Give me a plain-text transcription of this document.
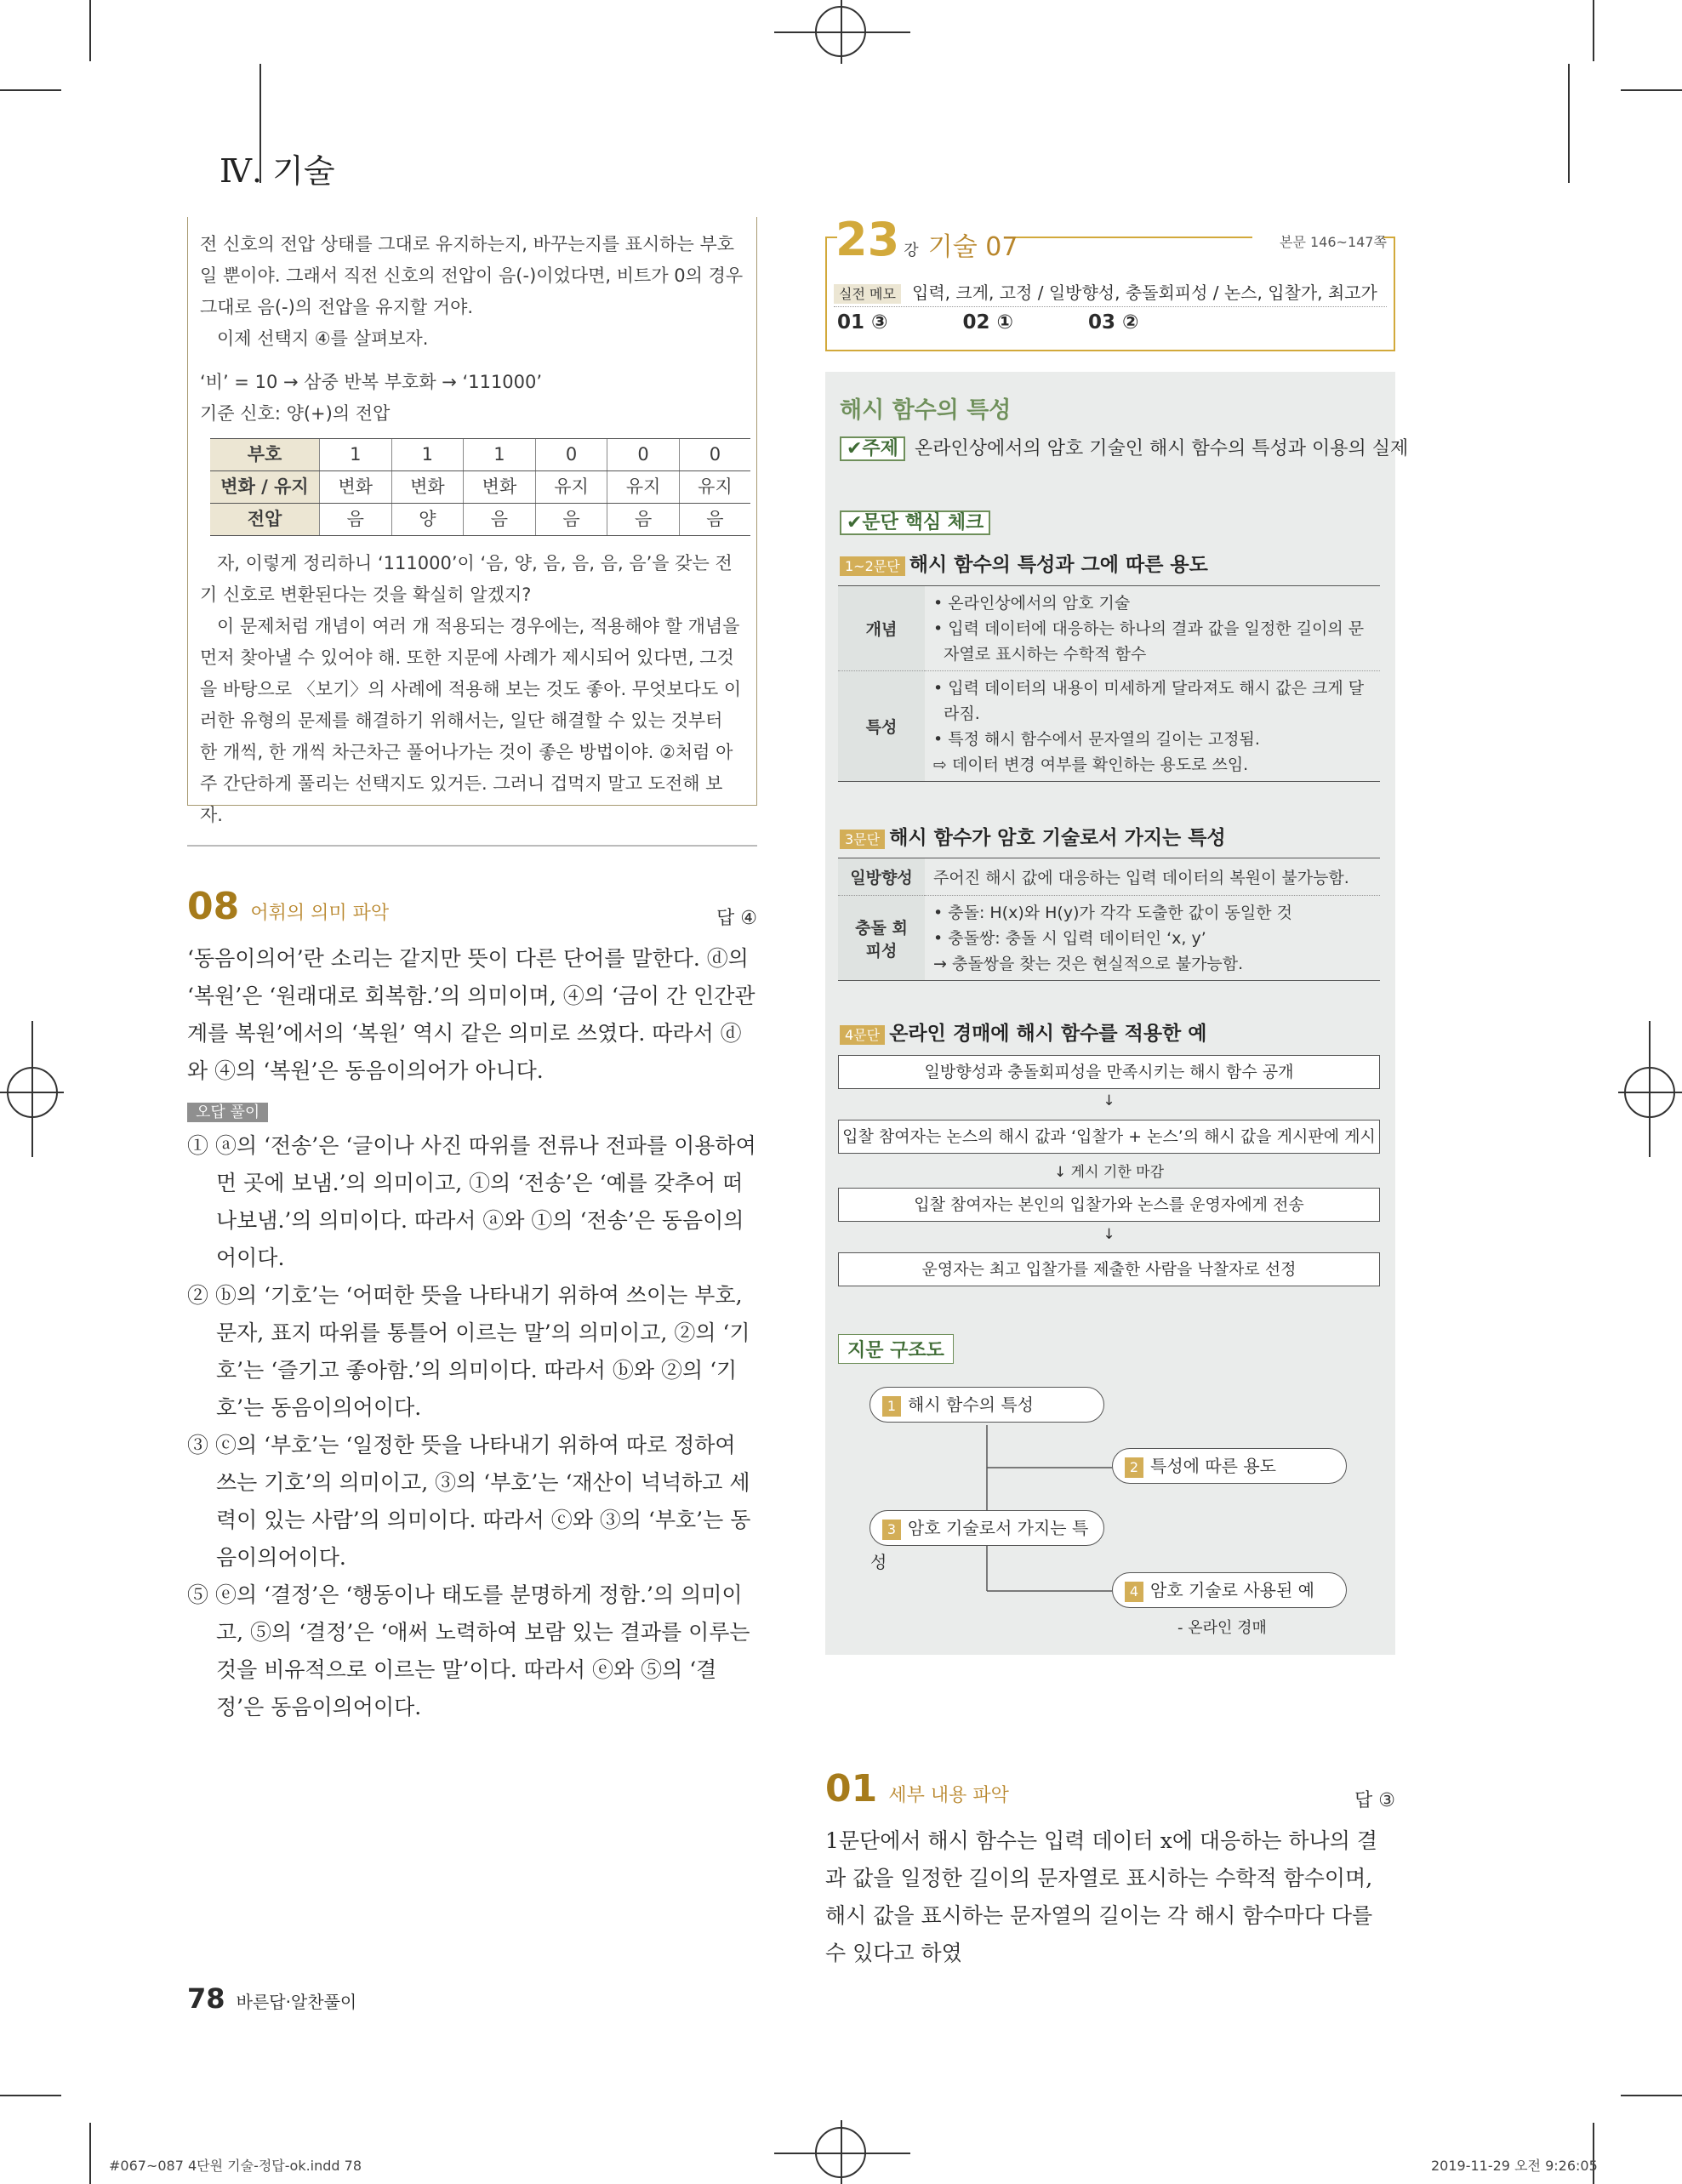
Ⅳ. 기술

전 신호의 전압 상태를 그대로 유지하는지, 바꾸는지를 표시하는 부호일 뿐이야. 그래서 직전 신호의 전압이 음(-)이었다면, 비트가 0의 경우 그대로 음(-)의 전압을 유지할 거야.

이제 선택지 ④를 살펴보자.

‘비’ = 10 → 삼중 반복 부호화 → ‘111000’

기준 신호: 양(+)의 전압

부호	1	1	1	0	0	0
변화 / 유지	변화	변화	변화	유지	유지	유지
전압	음	양	음	음	음	음

자, 이렇게 정리하니 ‘111000’이 ‘음, 양, 음, 음, 음, 음’을 갖는 전기 신호로 변환된다는 것을 확실히 알겠지?

이 문제처럼 개념이 여러 개 적용되는 경우에는, 적용해야 할 개념을 먼저 찾아낼 수 있어야 해. 또한 지문에 사례가 제시되어 있다면, 그것을 바탕으로 〈보기〉의 사례에 적용해 보는 것도 좋아. 무엇보다도 이러한 유형의 문제를 해결하기 위해서는, 일단 해결할 수 있는 것부터 한 개씩, 한 개씩 차근차근 풀어나가는 것이 좋은 방법이야. ②처럼 아주 간단하게 풀리는 선택지도 있거든. 그러니 겁먹지 말고 도전해 보자.

08 어휘의 의미 파악	답 ④
‘동음이의어’란 소리는 같지만 뜻이 다른 단어를 말한다. ⓓ의 ‘복원’은 ‘원래대로 회복함.’의 의미이며, ④의 ‘금이 간 인간관계를 복원’에서의 ‘복원’ 역시 같은 의미로 쓰였다. 따라서 ⓓ와 ④의 ‘복원’은 동음이의어가 아니다.
오답 풀이
① ⓐ의 ‘전송’은 ‘글이나 사진 따위를 전류나 전파를 이용하여 먼 곳에 보냄.’의 의미이고, ①의 ‘전송’은 ‘예를 갖추어 떠나보냄.’의 의미이다. 따라서 ⓐ와 ①의 ‘전송’은 동음이의어이다.
② ⓑ의 ‘기호’는 ‘어떠한 뜻을 나타내기 위하여 쓰이는 부호, 문자, 표지 따위를 통틀어 이르는 말’의 의미이고, ②의 ‘기호’는 ‘즐기고 좋아함.’의 의미이다. 따라서 ⓑ와 ②의 ‘기호’는 동음이의어이다.
③ ⓒ의 ‘부호’는 ‘일정한 뜻을 나타내기 위하여 따로 정하여 쓰는 기호’의 의미이고, ③의 ‘부호’는 ‘재산이 넉넉하고 세력이 있는 사람’의 의미이다. 따라서 ⓒ와 ③의 ‘부호’는 동음이의어이다.
⑤ ⓔ의 ‘결정’은 ‘행동이나 태도를 분명하게 정함.’의 의미이고, ⑤의 ‘결정’은 ‘애써 노력하여 보람 있는 결과를 이루는 것을 비유적으로 이르는 말’이다. 따라서 ⓔ와 ⑤의 ‘결정’은 동음이의어이다.
23 강 기술 07	본문 146~147쪽
실전 메모 입력, 크게, 고정 / 일방향성, 충돌회피성 / 논스, 입찰가, 최고가
01 ③	02 ①	03 ②
해시 함수의 특성
✔주제 온라인상에서의 암호 기술인 해시 함수의 특성과 이용의 실제
✔문단 핵심 체크
1~2문단 해시 함수의 특성과 그에 따른 용도
개념	• 온라인상에서의 암호 기술
• 입력 데이터에 대응하는 하나의 결과 값을 일정한 길이의 문자열로 표시하는 수학적 함수

특성	• 입력 데이터의 내용이 미세하게 달라져도 해시 값은 크게 달라짐.
• 특정 해시 함수에서 문자열의 길이는 고정됨.
⇨ 데이터 변경 여부를 확인하는 용도로 쓰임.
3문단 해시 함수가 암호 기술로서 가지는 특성
일방향성	주어진 해시 값에 대응하는 입력 데이터의 복원이 불가능함.
충돌 회피성	• 충돌: H(x)와 H(y)가 각각 도출한 값이 동일한 것
• 충돌쌍: 충돌 시 입력 데이터인 ‘x, y’
→ 충돌쌍을 찾는 것은 현실적으로 불가능함.
4문단 온라인 경매에 해시 함수를 적용한 예
일방향성과 충돌회피성을 만족시키는 해시 함수 공개
↓
입찰 참여자는 논스의 해시 값과 ‘입찰가 + 논스’의 해시 값을 게시판에 게시
↓ 게시 기한 마감
입찰 참여자는 본인의 입찰가와 논스를 운영자에게 전송
↓
운영자는 최고 입찰가를 제출한 사람을 낙찰자로 선정
지문 구조도
1 해시 함수의 특성
2 특성에 따른 용도
3 암호 기술로서 가지는 특성
4 암호 기술로 사용된 예
- 온라인 경매
01 세부 내용 파악	답 ③
1문단에서 해시 함수는 입력 데이터 x에 대응하는 하나의 결과 값을 일정한 길이의 문자열로 표시하는 수학적 함수이며, 해시 값을 표시하는 문자열의 길이는 각 해시 함수마다 다를 수 있다고 하였
78 바른답·알찬풀이
#067~087 4단원 기술-정답-ok.indd 78	2019-11-29 오전 9:26:05
